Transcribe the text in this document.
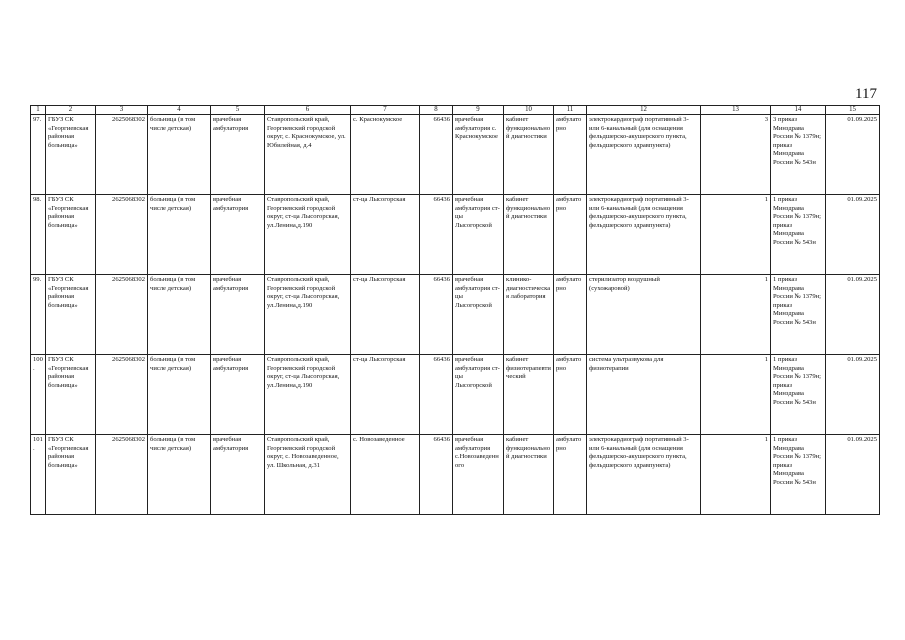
117
1	2	3	4	5	6	7	8	9	10	11	12	13	14	15
97.	ГБУЗ СК «Георгиевская районная больница»	2625068302	больница (в том числе детская)	врачебная амбулатория	Ставропольский край, Георгиевский городской округ, с. Краснокумское, ул. Юбилейная, д.4	с. Краснокумское	66436	врачебная амбулатория с. Краснокумское	кабинет функциональной диагностики	амбулаторно	электрокардиограф портативный 3- или 6-канальный (для оснащения фельдшерско-акушерского пункта, фельдшерского здравпункта)	3	3 приказ Минздрава России № 1379н; приказ Минздрава России № 543н	01.09.2025
98.	ГБУЗ СК «Георгиевская районная больница»	2625068302	больница (в том числе детская)	врачебная амбулатория	Ставропольский край, Георгиевский городской округ, ст-ца Лысогорская, ул.Ленина,д.190	ст-ца Лысогорская	66436	врачебная амбулатория ст-цы Лысогорской	кабинет функциональной диагностики	амбулаторно	электрокардиограф портативный 3- или 6-канальный (для оснащения фельдшерско-акушерского пункта, фельдшерского здравпункта)	1	1 приказ Минздрава России № 1379н; приказ Минздрава России № 543н	01.09.2025
99.	ГБУЗ СК «Георгиевская районная больница»	2625068302	больница (в том числе детская)	врачебная амбулатория	Ставропольский край, Георгиевский городской округ, ст-ца Лысогорская, ул.Ленина,д.190	ст-ца Лысогорская	66436	врачебная амбулатория ст-цы Лысогорской	клинико-диагностическая лаборатория	амбулаторно	стерилизатор воздушный (сухожаровой)	1	1 приказ Минздрава России № 1379н; приказ Минздрава России № 543н	01.09.2025
100.	ГБУЗ СК «Георгиевская районная больница»	2625068302	больница (в том числе детская)	врачебная амбулатория	Ставропольский край, Георгиевский городской округ, ст-ца Лысогорская, ул.Ленина,д.190	ст-ца Лысогорская	66436	врачебная амбулатория ст-цы Лысогорской	кабинет физиотерапевтический	амбулаторно	система ультразвукова для физиотерапии	1	1 приказ Минздрава России № 1379н; приказ Минздрава России № 543н	01.09.2025
101.	ГБУЗ СК «Георгиевская районная больница»	2625068302	больница (в том числе детская)	врачебная амбулатория	Ставропольский край, Георгиевский городской округ, с. Новозаведенное, ул. Школьная, д.31	с. Новозаведенное	66436	врачебная амбулатория с.Новозаведенного	кабинет функциональной диагностики	амбулаторно	электрокардиограф портативный 3- или 6-канальный (для оснащения фельдшерско-акушерского пункта, фельдшерского здравпункта)	1	1 приказ Минздрава России № 1379н; приказ Минздрава России № 543н	01.09.2025
